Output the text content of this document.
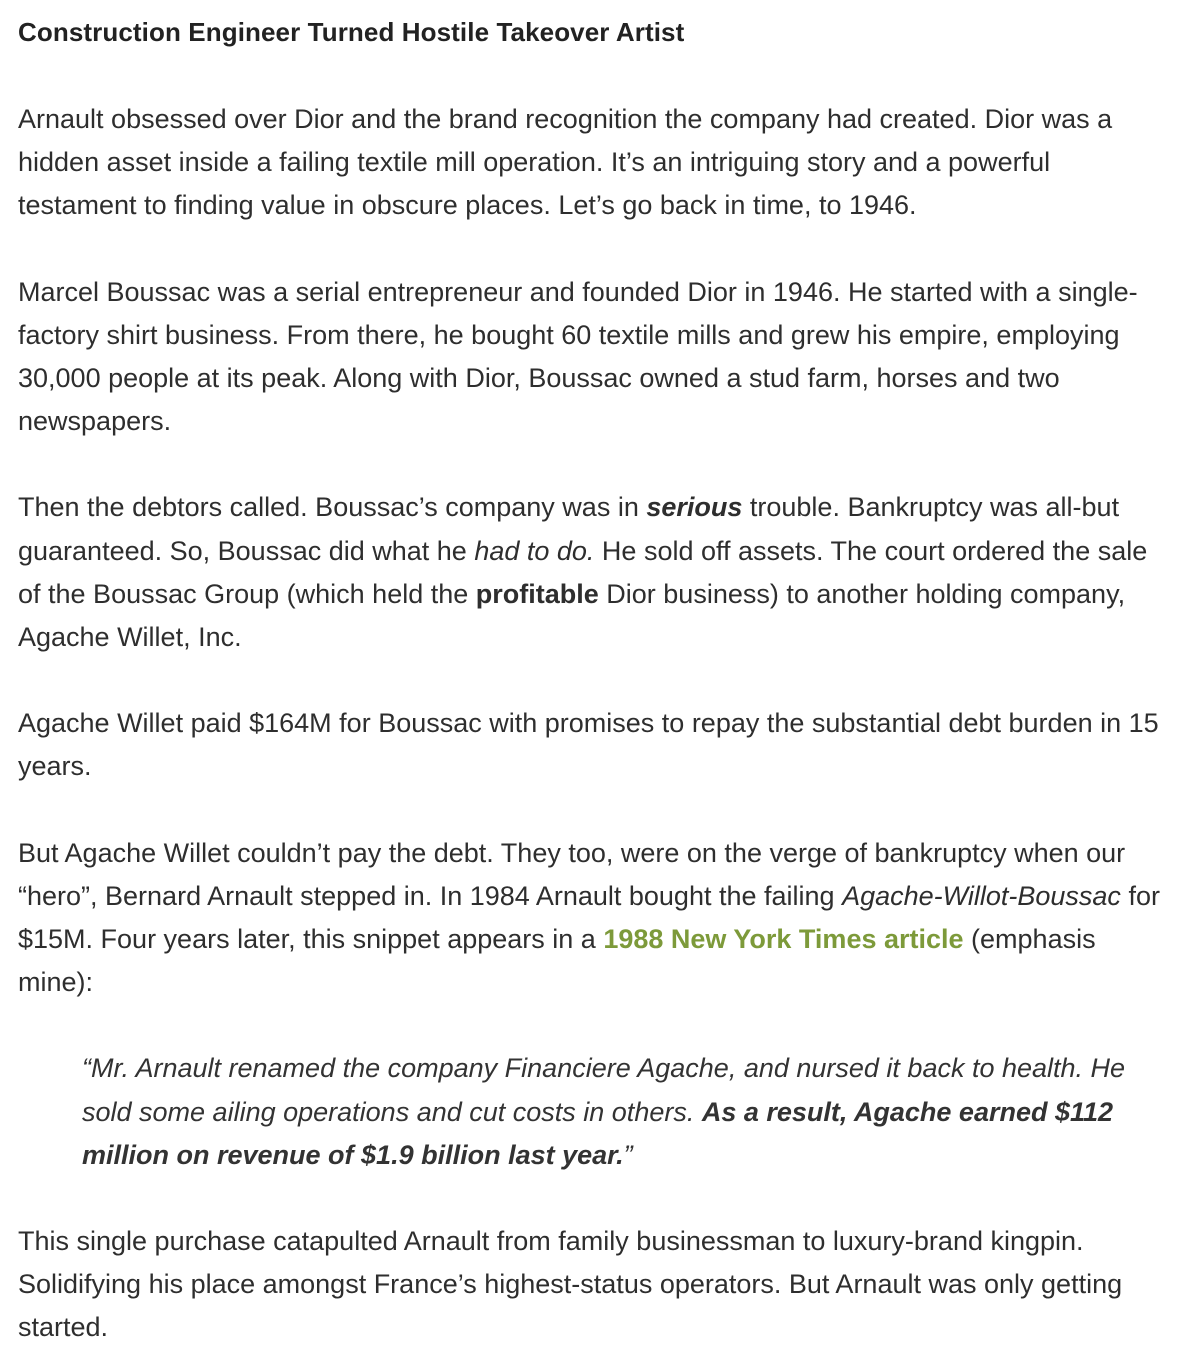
Construction Engineer Turned Hostile Takeover Artist

Arnault obsessed over Dior and the brand recognition the company had created. Dior was a hidden asset inside a failing textile mill operation. It’s an intriguing story and a powerful testament to finding value in obscure places. Let’s go back in time, to 1946.

Marcel Boussac was a serial entrepreneur and founded Dior in 1946. He started with a single-factory shirt business. From there, he bought 60 textile mills and grew his empire, employing 30,000 people at its peak. Along with Dior, Boussac owned a stud farm, horses and two newspapers.

Then the debtors called. Boussac’s company was in serious trouble. Bankruptcy was all-but guaranteed. So, Boussac did what he had to do. He sold off assets. The court ordered the sale of the Boussac Group (which held the profitable Dior business) to another holding company, Agache Willet, Inc.

Agache Willet paid $164M for Boussac with promises to repay the substantial debt burden in 15 years.

But Agache Willet couldn’t pay the debt. They too, were on the verge of bankruptcy when our “hero”, Bernard Arnault stepped in. In 1984 Arnault bought the failing Agache-Willot-Boussac for $15M. Four years later, this snippet appears in a 1988 New York Times article (emphasis mine):

“Mr. Arnault renamed the company Financiere Agache, and nursed it back to health. He sold some ailing operations and cut costs in others. As a result, Agache earned $112 million on revenue of $1.9 billion last year.”

This single purchase catapulted Arnault from family businessman to luxury-brand kingpin. Solidifying his place amongst France’s highest-status operators. But Arnault was only getting started.
